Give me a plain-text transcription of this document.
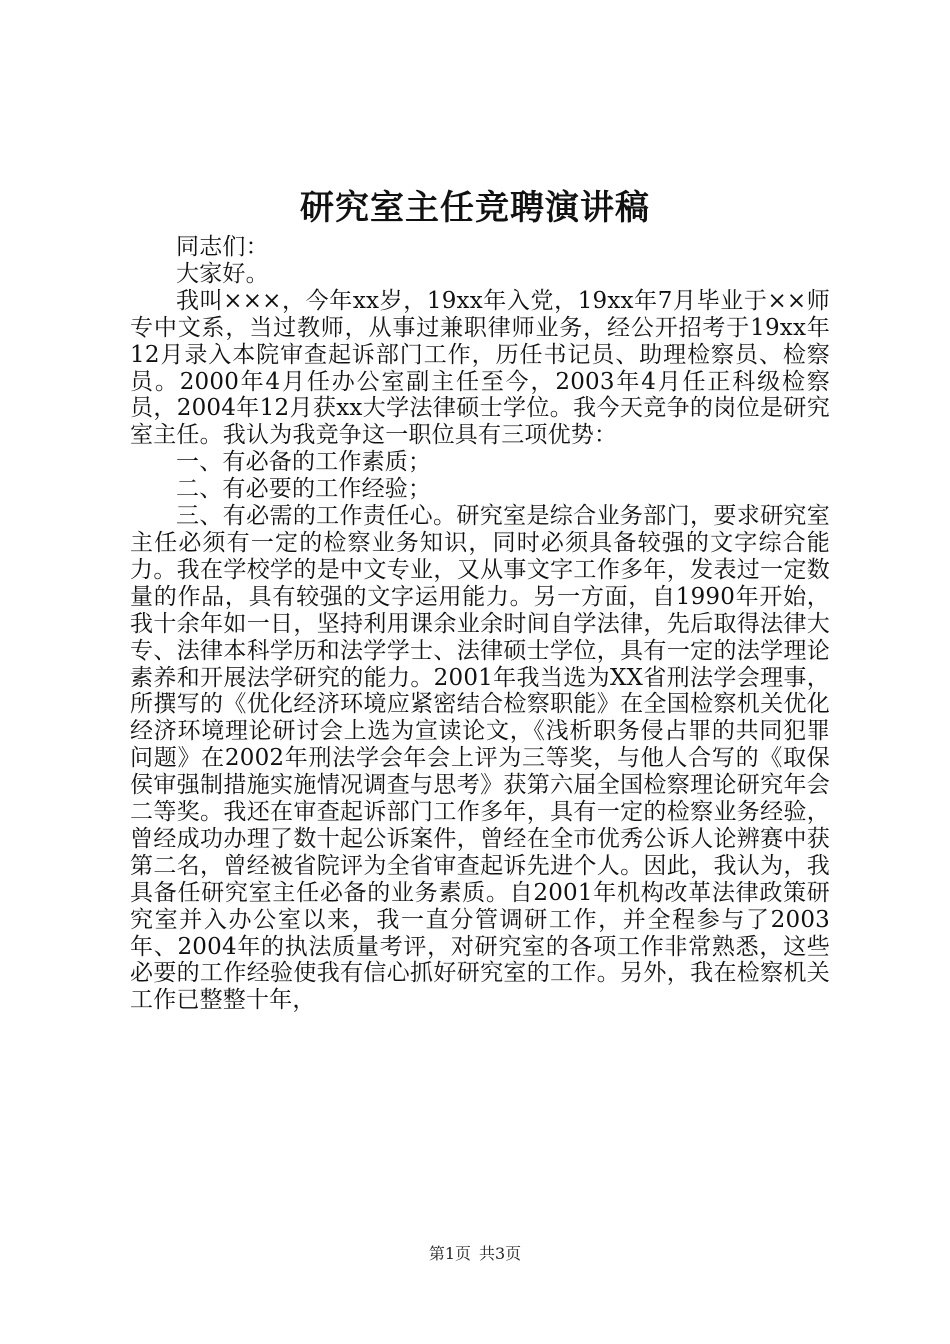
研究室主任竞聘演讲稿

同志们：

大家好。

我叫×××，今年xx岁，19xx年入党，19xx年7月毕业于××师专中文系，当过教师，从事过兼职律师业务，经公开招考于19xx年12月录入本院审查起诉部门工作，历任书记员、助理检察员、检察员。2000年4月任办公室副主任至今，2003年4月任正科级检察员，2004年12月获xx大学法律硕士学位。我今天竞争的岗位是研究室主任。我认为我竞争这一职位具有三项优势：

一、有必备的工作素质；

二、有必要的工作经验；

三、有必需的工作责任心。研究室是综合业务部门，要求研究室主任必须有一定的检察业务知识，同时必须具备较强的文字综合能力。我在学校学的是中文专业，又从事文字工作多年，发表过一定数量的作品，具有较强的文字运用能力。另一方面，自1990年开始，我十余年如一日，坚持利用课余业余时间自学法律，先后取得法律大专、法律本科学历和法学学士、法律硕士学位，具有一定的法学理论素养和开展法学研究的能力。2001年我当选为XX省刑法学会理事，所撰写的《优化经济环境应紧密结合检察职能》在全国检察机关优化经济环境理论研讨会上选为宣读论文，《浅析职务侵占罪的共同犯罪问题》在2002年刑法学会年会上评为三等奖，与他人合写的《取保侯审强制措施实施情况调查与思考》获第六届全国检察理论研究年会二等奖。我还在审查起诉部门工作多年，具有一定的检察业务经验，曾经成功办理了数十起公诉案件，曾经在全市优秀公诉人论辨赛中获第二名，曾经被省院评为全省审查起诉先进个人。因此，我认为，我具备任研究室主任必备的业务素质。自2001年机构改革法律政策研究室并入办公室以来，我一直分管调研工作，并全程参与了2003年、2004年的执法质量考评，对研究室的各项工作非常熟悉，这些必要的工作经验使我有信心抓好研究室的工作。另外，我在检察机关工作已整整十年，

第1页 共3页
